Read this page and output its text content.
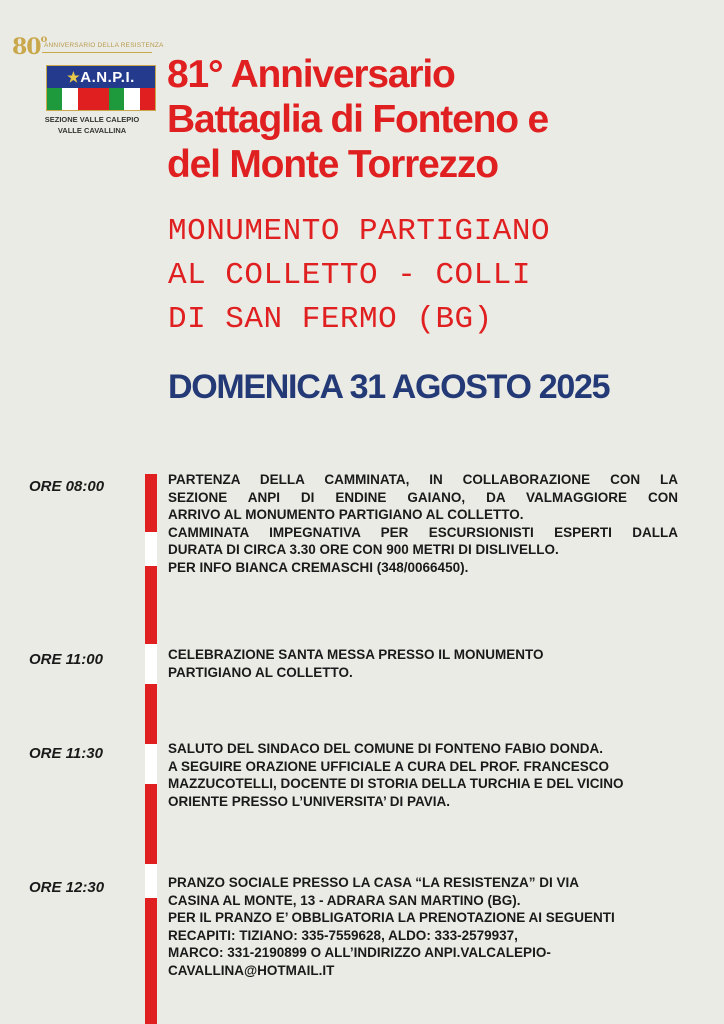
80$^o$
ANNIVERSARIO DELLA RESISTENZA
★A.N.P.I.
SEZIONE VALLE CALEPIO
VALLE CAVALLINA
81° Anniversario
Battaglia di Fonteno e
del Monte Torrezzo
MONUMENTO PARTIGIANO
AL COLLETTO - COLLI
DI SAN FERMO (BG)
DOMENICA 31 AGOSTO 2025
ORE 08:00	PARTENZA DELLA CAMMINATA, IN COLLABORAZIONE CON LA
SEZIONE ANPI DI ENDINE GAIANO, DA VALMAGGIORE CON
ARRIVO AL MONUMENTO PARTIGIANO AL COLLETTO.
CAMMINATA IMPEGNATIVA PER ESCURSIONISTI ESPERTI DALLA
DURATA DI CIRCA 3.30 ORE CON 900 METRI DI DISLIVELLO.
PER INFO BIANCA CREMASCHI (348/0066450).
ORE 11:00	CELEBRAZIONE SANTA MESSA PRESSO IL MONUMENTO
PARTIGIANO AL COLLETTO.
ORE 11:30	SALUTO DEL SINDACO DEL COMUNE DI FONTENO FABIO DONDA.
A SEGUIRE ORAZIONE UFFICIALE A CURA DEL PROF. FRANCESCO
MAZZUCOTELLI, DOCENTE DI STORIA DELLA TURCHIA E DEL VICINO
ORIENTE PRESSO L’UNIVERSITA’ DI PAVIA.
ORE 12:30	PRANZO SOCIALE PRESSO LA CASA “LA RESISTENZA” DI VIA
CASINA AL MONTE, 13 - ADRARA SAN MARTINO (BG).
PER IL PRANZO E’ OBBLIGATORIA LA PRENOTAZIONE AI SEGUENTI
RECAPITI: TIZIANO: 335-7559628, ALDO: 333-2579937,
MARCO: 331-2190899 O ALL’INDIRIZZO ANPI.VALCALEPIO-
CAVALLINA@HOTMAIL.IT
